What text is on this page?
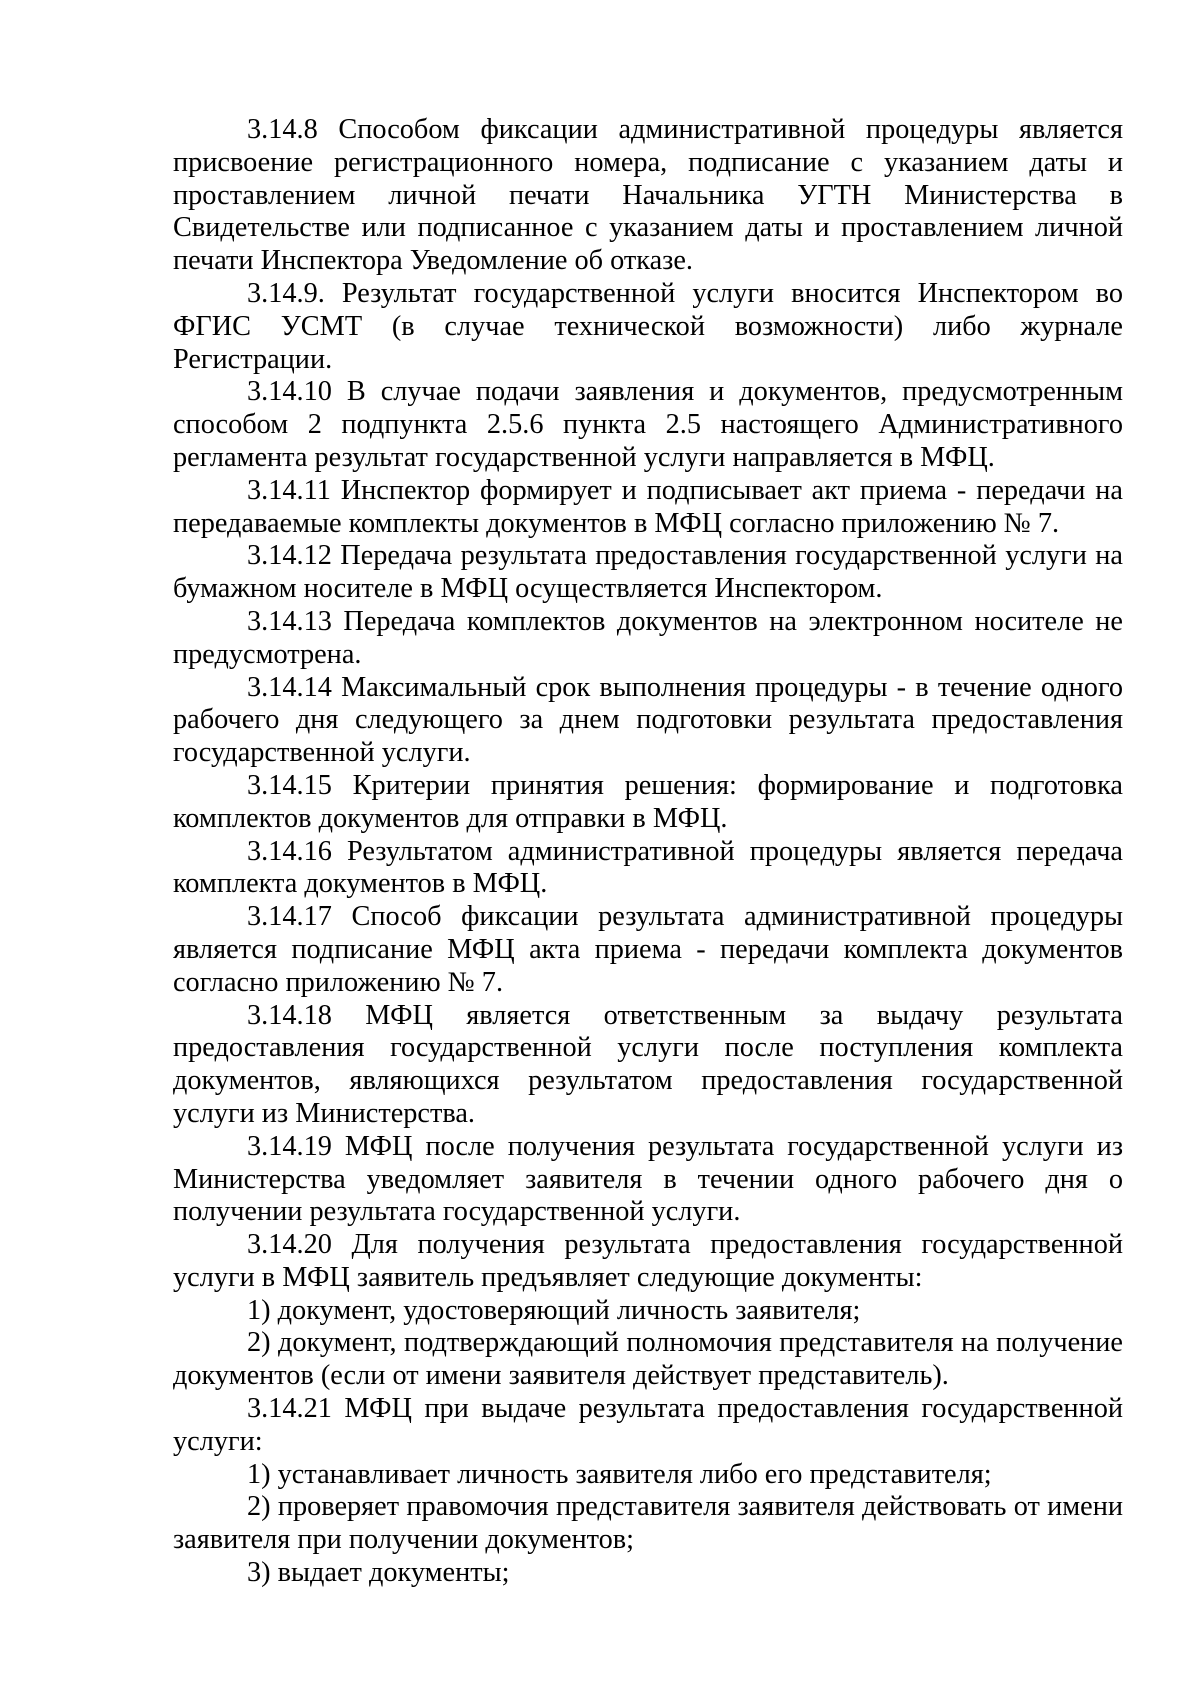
3.14.8 Способом фиксации административной процедуры является присвоение регистрационного номера, подписание с указанием даты и проставлением личной печати Начальника УГТН Министерства в Свидетельстве или подписанное с указанием даты и проставлением личной печати Инспектора Уведомление об отказе.

3.14.9. Результат государственной услуги вносится Инспектором во ФГИС УСМТ (в случае технической возможности) либо журнале Регистрации.

3.14.10 В случае подачи заявления и документов, предусмотренным способом 2 подпункта 2.5.6 пункта 2.5 настоящего Административного регламента результат государственной услуги направляется в МФЦ.

3.14.11 Инспектор формирует и подписывает акт приема - передачи на передаваемые комплекты документов в МФЦ согласно приложению № 7.

3.14.12 Передача результата предоставления государственной услуги на бумажном носителе в МФЦ осуществляется Инспектором.

3.14.13 Передача комплектов документов на электронном носителе не предусмотрена.

3.14.14 Максимальный срок выполнения процедуры - в течение одного рабочего дня следующего за днем подготовки результата предоставления государственной услуги.

3.14.15 Критерии принятия решения: формирование и подготовка комплектов документов для отправки в МФЦ.

3.14.16 Результатом административной процедуры является передача комплекта документов в МФЦ.

3.14.17 Способ фиксации результата административной процедуры является подписание МФЦ акта приема - передачи комплекта документов согласно приложению № 7.

3.14.18 МФЦ является ответственным за выдачу результата предоставления государственной услуги после поступления комплекта документов, являющихся результатом предоставления государственной услуги из Министерства.

3.14.19 МФЦ после получения результата государственной услуги из Министерства уведомляет заявителя в течении одного рабочего дня о получении результата государственной услуги.

3.14.20 Для получения результата предоставления государственной услуги в МФЦ заявитель предъявляет следующие документы:

1) документ, удостоверяющий личность заявителя;

2) документ, подтверждающий полномочия представителя на получение документов (если от имени заявителя действует представитель).

3.14.21 МФЦ при выдаче результата предоставления государственной услуги:

1) устанавливает личность заявителя либо его представителя;

2) проверяет правомочия представителя заявителя действовать от имени заявителя при получении документов;

3) выдает документы;
